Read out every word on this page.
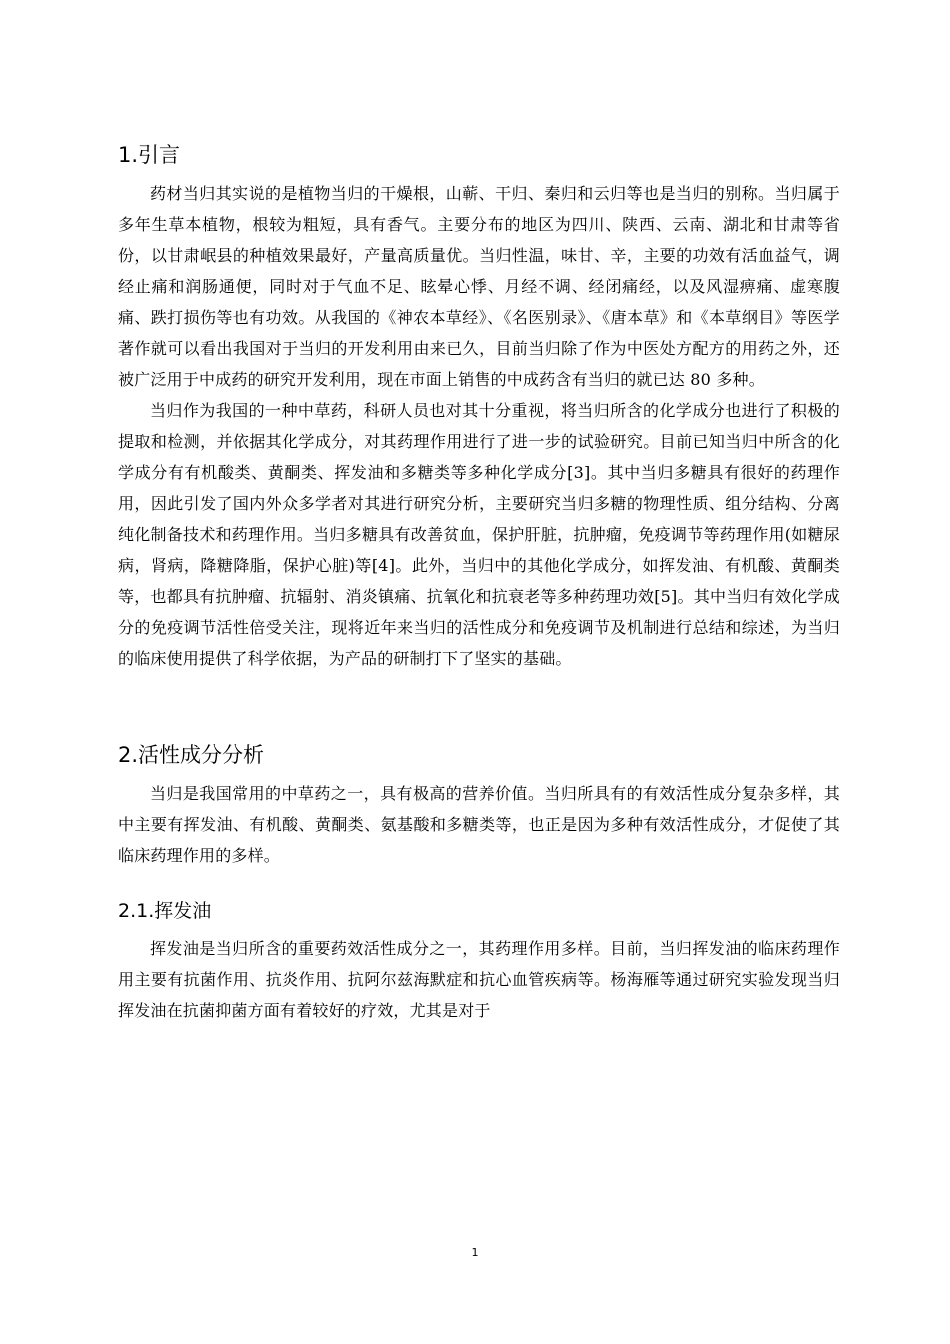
1.引言

药材当归其实说的是植物当归的干燥根，山蕲、干归、秦归和云归等也是当归的别称。当归属于多年生草本植物，根较为粗短，具有香气。主要分布的地区为四川、陕西、云南、湖北和甘肃等省份，以甘肃岷县的种植效果最好，产量高质量优。当归性温，味甘、辛，主要的功效有活血益气，调经止痛和润肠通便，同时对于气血不足、眩晕心悸、月经不调、经闭痛经，以及风湿痹痛、虚寒腹痛、跌打损伤等也有功效。从我国的《神农本草经》、《名医别录》、《唐本草》和《本草纲目》等医学著作就可以看出我国对于当归的开发利用由来已久，目前当归除了作为中医处方配方的用药之外，还被广泛用于中成药的研究开发利用，现在市面上销售的中成药含有当归的就已达 80 多种。

当归作为我国的一种中草药，科研人员也对其十分重视，将当归所含的化学成分也进行了积极的提取和检测，并依据其化学成分，对其药理作用进行了进一步的试验研究。目前已知当归中所含的化学成分有有机酸类、黄酮类、挥发油和多糖类等多种化学成分[3]。其中当归多糖具有很好的药理作用，因此引发了国内外众多学者对其进行研究分析，主要研究当归多糖的物理性质、组分结构、分离纯化制备技术和药理作用。当归多糖具有改善贫血，保护肝脏，抗肿瘤，免疫调节等药理作用(如糖尿病，肾病，降糖降脂，保护心脏)等[4]。此外，当归中的其他化学成分，如挥发油、有机酸、黄酮类等，也都具有抗肿瘤、抗辐射、消炎镇痛、抗氧化和抗衰老等多种药理功效[5]。其中当归有效化学成分的免疫调节活性倍受关注，现将近年来当归的活性成分和免疫调节及机制进行总结和综述，为当归的临床使用提供了科学依据，为产品的研制打下了坚实的基础。

2.活性成分分析

当归是我国常用的中草药之一，具有极高的营养价值。当归所具有的有效活性成分复杂多样，其中主要有挥发油、有机酸、黄酮类、氨基酸和多糖类等，也正是因为多种有效活性成分，才促使了其临床药理作用的多样。

2.1.挥发油

挥发油是当归所含的重要药效活性成分之一，其药理作用多样。目前，当归挥发油的临床药理作用主要有抗菌作用、抗炎作用、抗阿尔兹海默症和抗心血管疾病等。杨海雁等通过研究实验发现当归挥发油在抗菌抑菌方面有着较好的疗效，尤其是对于

1
